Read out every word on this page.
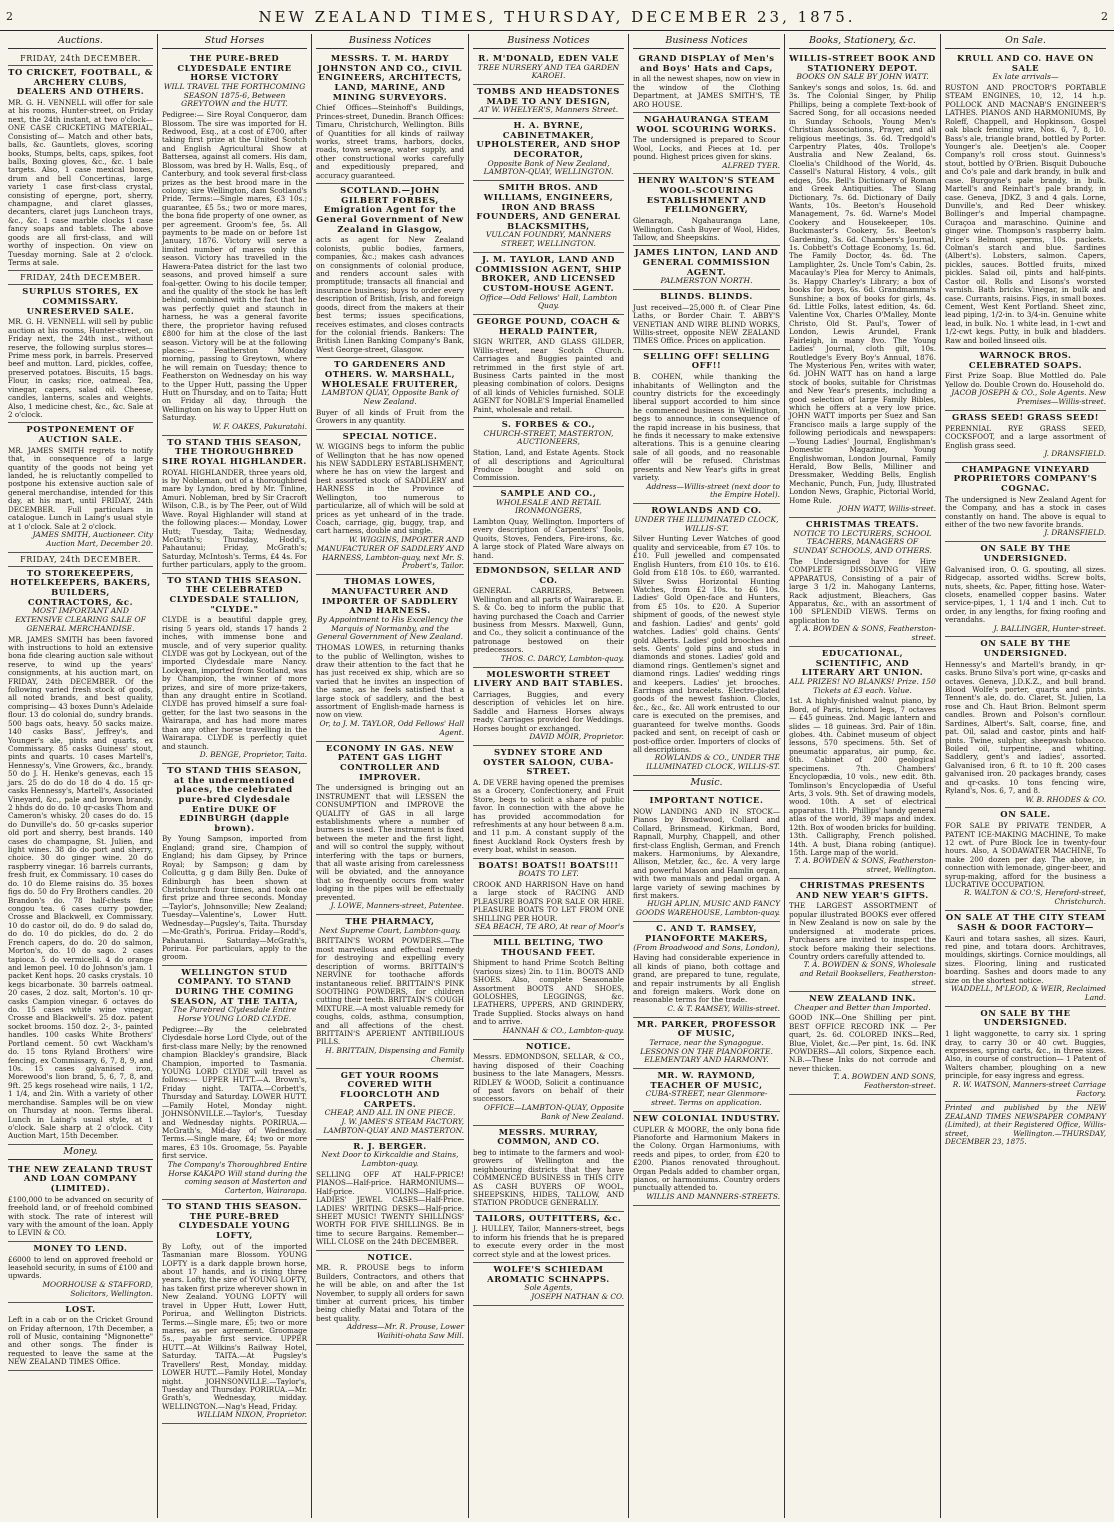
2	NEW ZEALAND TIMES, THURSDAY, DECEMBER 23, 1875.	2
Auctions.
FRIDAY, 24th DECEMBER.
TO CRICKET, FOOTBALL, & ARCHERY CLUBS, DEALERS AND OTHERS.
MR. G. H. VENNELL will offer for sale at his rooms, Hunter-street, on Friday next, the 24th instant, at two o'clock— ONE CASE CRICKETING MATERIAL, Consisting of— Match and other bats, balls, &c. Gauntlets, gloves, scoring books, Stumps, belts, caps, spikes, foot balls, Boxing gloves, &c., &c. 1 bale targets. Also, 1 case mexical boxes, drum and bell Concertinas, large variety 1 case first-class crystal, consisting of epergne, port, sherry, champagne, and claret glasses, decanters, claret jugs Luncheon trays, &c., &c. 1 case marble clocks 1 case fancy soaps and tablets. The above goods are all first-class, and will worthy of inspection. On view on Tuesday morning. Sale at 2 o'clock. Terms at sale.
FRIDAY, 24th DECEMBER.
SURPLUS STORES, EX COMMISSARY. UNRESERVED SALE.
MR. G. H. VENNELL will sell by public auction at his rooms, Hunter-street, on Friday next, the 24th inst., without reserve, the following surplus stores— Prime mess pork, in barrels. Preserved beef and mutton. Lard, pickles, coffee, preserved potatoes. Biscuits, 15 bags. Flour, in casks; rice, oatmeal. Tea, vinegar, capers, salad oil. Cheese, candles, lanterns, scales and weights. Also, 1 medicine chest, &c., &c. Sale at 2 o'clock.
POSTPONEMENT OF AUCTION SALE.
MR. JAMES SMITH regrets to notify that, in consequence of a large quantity of the goods not being yet landed, he is reluctantly compelled to postpone his extensive auction sale of general merchandise, intended for this day, at his mart, until FRIDAY, 24th DECEMBER. Full particulars in catalogue. Lunch in Laing's usual style at 1 o'clock. Sale at 2 o'clock.
JAMES SMITH, Auctioneer. City Auction Mart, December 20.
FRIDAY, 24th DECEMBER.
TO STOREKEEPERS, HOTELKEEPERS, BAKERS, BUILDERS, CONTRACTORS, &c.
MOST IMPORTANT AND EXTENSIVE CLEARING SALE OF GENERAL MERCHANDISE.
MR. JAMES SMITH has been favored with instructions to hold an extensive bona fide clearing auction sale without reserve, to wind up the years' consignments, at his auction mart, on FRIDAY, 24th DECEMBER. Of the following varied fresh stock of goods, all noted brands, and best quality, comprising— 43 boxes Dunn's Adelaide flour. 13 do colonial do, sundry brands. 500 bags oats, heavy. 50 sacks maize. 140 casks Bass', Jeffrey's, and Younger's ale, pints and quarts, ex Commissary. 85 casks Guiness' stout, pints and quarts. 10 cases Martell's, Hennessy's, Vine Growers, &c., brandy. 50 do J. H. Henke's genevas, each 15 jars. 25 do do do 18 do 4 do. 15 qr-casks Hennessy's, Martell's, Associated Vineyard, &c., pale and brown brandy. 2 hhds do do do. 10 qr-casks Thom and Cameron's whisky. 20 cases do do. 15 do Dunville's do. 50 qr-casks superior old port and sherry, best brands. 140 cases do champagne, St. Julien, and light wines. 38 do do port and sherry, choice. 30 do ginger wine. 20 do raspberry vinegar. 16 barrels currants, fresh fruit, ex Commissary. 10 cases do do. 10 do Eleme raisins do. 35 boxes figs do. 50 do Fry Brothers candles. 20 Brandon's do. 78 half-chests fine congou tea. 6 cases curry powder, Crosse and Blackwell, ex Commissary. 10 do castor oil, do do. 9 do salad do, do do. 10 do pickles, do do. 2 do French capers, do do. 20 do salmon, Morton's, do. 10 do sago. 2 cases tapioca. 5 do vermicelli. 4 do orange and lemon peel. 10 do Johnson's jam. 1 packet Kent hops. 20 casks crystals. 10 kegs bicarbonate. 30 barrels oatmeal. 20 cases, 2 doz. salt, Morton's. 10 qr-casks Campion vinegar. 6 octaves do do. 15 cases white wine vinegar, Crosse and Blackwell's. 25 doz. patent socket brooms. 150 doz. 2-, 3-, painted handles. 100 casks White Brothers' Portland cement. 50 cwt Wackham's do. 15 tons Ryland Brothers' wire fencing, ex Commissary, 6, 7, 8, 9, and 10s. 15 cases galvanised iron, Morewood's lion brand, 5, 6, 7, 8, and 9ft. 25 kegs rosehead wire nails, 1 1/2, 1 1/4, and 2in. With a variety of other merchandise. Samples will be on view on Thursday at noon. Terms liberal. Lunch in Laing's usual style, at 1 o'clock. Sale sharp at 2 o'clock. City Auction Mart, 15th December.
Money.
THE NEW ZEALAND TRUST AND LOAN COMPANY (LIMITED).
£100,000 to be advanced on security of freehold land, or of freehold combined with stock. The rate of interest will vary with the amount of the loan. Apply to LEVIN & CO.
MONEY TO LEND.
£6000 to lend on approved freehold or leasehold security, in sums of £100 and upwards.
MOORHOUSE & STAFFORD, Solicitors, Wellington.
LOST.
Left in a cab or on the Cricket Ground on Friday afternoon, 17th December, a roll of Music, containing "Mignonette" and other songs. The finder is requested to leave the same at the NEW ZEALAND TIMES Office.
Stud Horses
THE PURE-BRED CLYDESDALE ENTIRE HORSE VICTORY
WILL TRAVEL THE FORTHCOMING SEASON 1875-6, Between GREYTOWN and the HUTT.
Pedigree:— Sire Royal Conqueror, dam Blossom. The sire was imported for H. Redwood, Esq., at a cost of £700, after taking first prize at the United Scotch and English Agricultural Show at Battersea, against all comers. His dam, Blossom, was bred by H. Walls, Esq., of Canterbury, and took several first-class prizes as the best brood mare in the colony; sire Wellington, dam Scotland's Pride. Terms:—Single mares, £3 10s.; guarantee, £5 5s.; two or more mares, the bona fide property of one owner, as per agreement. Groom's fee, 5s. All payments to be made on or before 1st January, 1876. Victory will serve a limited number of mares only this season. Victory has travelled in the Hawera-Patea district for the last two seasons, and proved himself a sure foal-getter. Owing to his docile temper, and the quality of the stock he has left behind, combined with the fact that he was perfectly quiet and staunch in harness, he was a general favorite there, the proprietor having refused £800 for him at the close of the last season. Victory will be at the following places:— Featherston Monday morning, passing to Greytown, where he will remain on Tuesday; thence to Featherston on Wednesday on his way to the Upper Hutt, passing the Upper Hutt on Thursday, and on to Taita; Hutt on Friday all day, through the Wellington on his way to Upper Hutt on Saturday.
W. F. OAKES, Pakuratahi.
TO STAND THIS SEASON, THE THOROUGHBRED SIRE ROYAL HIGHLANDER.
ROYAL HIGHLANDER, three years old, is by Nobleman, out of a thoroughbred mare by Lyndon, bred by Mr. Tinline, Amuri. Nobleman, bred by Sir Cracroft Wilson, C.B., is by The Peer, out of Wild Wave. Royal Highlander will stand at the following places:— Monday, Lower Hutt; Tuesday, Taita; Wednesday, McGrath's; Thursday, Hodd's, Pahautanui; Friday, McGrath's; Saturday, McIntosh's. Terms, £4 4s. For further particulars, apply to the groom.
TO STAND THIS SEASON. THE CELEBRATED CLYDESDALE STALLION, "CLYDE."
CLYDE is a beautiful dapple grey, rising 5 years old, stands 17 hands 2 inches, with immense bone and muscle, and of very superior quality. CLYDE was got by Lockyean, out of the imported Clydesdale mare Nancy. Lockyean, imported from Scotland, was by Champion, the winner of more prizes, and sire of more prize-takers, than any draught entire in Scotland. CLYDE has proved himself a sure foal-getter, for the last two seasons in the Wairarapa, and has had more mares than any other horse travelling in the Wairarapa. CLYDE is perfectly quiet and staunch.
D. BENGE, Proprietor, Taita.
TO STAND THIS SEASON, at the undermentioned places, the celebrated pure-bred Clydesdale Entire DUKE OF EDINBURGH (dapple brown).
By Young Sampson, imported from England; grand sire, Champion of England; his dam Gipsey, by Prince Royal; by Sampson; g dam by Collcutta, g g dam Billy Ben. Duke of Edinburgh has been shown at Christchurch four times, and took one first prize and three seconds. Monday—Taylor's, Johnsonville; New Zealand; Tuesday—Valentine's, Lower Hutt. Wednesday—Pugsley's, Taita. Thursday—Mc-Grath's, Porirua. Friday—Rodd's, Pahautanui. Saturday—McGrath's, Porirua. For particulars, apply to the groom.
WELLINGTON STUD COMPANY. TO STAND DURING THE COMING SEASON, AT THE TAITA,
The Purebred Clydesdale Entire Horse YOUNG LORD CLYDE.
Pedigree:—By the celebrated Clydesdale horse Lord Clyde, out of the first-class mare Nelly; by the renowned champion Blackley's grandsire, Black Champion, imported to Tasmania. YOUNG LORD CLYDE will travel as follows:— UPPER HUTT.—A. Brown's, Friday night. TAITA.—Corbett's, Thursday and Saturday. LOWER HUTT.—Family Hotel, Monday night. JOHNSONVILLE.—Taylor's, Tuesday and Wednesday nights. PORIRUA.—McGrath's, Mid-day of Wednesday. Terms.—Single mare, £4; two or more mares, £3 10s. Groomage, 5s. Payable first service.
The Company's Thoroughbred Entire Horse KAKAPO Will stand during the coming season at Masterton and Carterton, Wairarapa.
TO STAND THIS SEASON. THE PURE-BRED CLYDESDALE YOUNG LOFTY,
By Lofty, out of the imported Tasmanian mare Blossom. YOUNG LOFTY is a dark dapple brown horse, about 17 hands, and is rising three years. Lofty, the sire of YOUNG LOFTY, has taken first prize wherever shown in New Zealand. YOUNG LOFTY will travel in Upper Hutt, Lower Hutt, Porirua, and Wellington Districts. Terms.—Single mare, £5; two or more mares, as per agreement. Groomage 5s., payable first service. UPPER HUTT.—At Wilkins's Railway Hotel, Saturday. TAITA.—At Pugsley's Travellers' Rest, Monday, midday. LOWER HUTT.—Family Hotel, Monday night. JOHNSONVILLE.—Taylor's, Tuesday and Thursday. PORIRUA.—Mr. Grath's, Wednesday, midday. WELLINGTON.—Nag's Head, Friday.
WILLIAM NIXON, Proprietor.
Business Notices
MESSRS. T. M. HARDY JOHNSTON AND CO., CIVIL ENGINEERS, ARCHITECTS, LAND, MARINE, AND MINING SURVEYORS.
Chief Offices—Steinhoff's Buildings, Princes-street, Dunedin. Branch Offices: Timaru, Christchurch, Wellington. Bills of Quantities for all kinds of railway works, street trams, harbors, docks, roads, town sewage, water supply, and other constructional works carefully and expeditiously prepared, and accuracy guaranteed.
SCOTLAND.—JOHN GILBERT FORBES, Emigration Agent for the General Government of New Zealand in Glasgow,
acts as agent for New Zealand colonists, public bodies, farmers, companies, &c.; makes cash advances on consignments of colonial produce, and renders account sales with promptitude; transacts all financial and insurance business; buys to order every description of British, Irish, and foreign goods, direct from the makers at their best terms; issues specifications, receives estimates, and closes contracts for the colonial friends. Bankers: The British Linen Banking Company's Bank, West George-street, Glasgow.
TO GARDENERS AND OTHERS. W. MARSHALL, WHOLESALE FRUITERER,
LAMBTON QUAY, Opposite Bank of New Zealand.
Buyer of all kinds of Fruit from the Growers in any quantity.
SPECIAL NOTICE.
W. WIGGINS begs to inform the public of Wellington that he has now opened his NEW SADDLERY ESTABLISHMENT, where he has on view the largest and best assorted stock of SADDLERY and HARNESS in the Province of Wellington, too numerous to particularize, all of which will be sold at prices as yet unheard of in the trade. Coach, carriage, gig, buggy, trap, and cart harness, double and single.
W. WIGGINS, IMPORTER AND MANUFACTURER OF SADDLERY AND HARNESS, Lambton-quay, next Mr. S. Probert's, Tailor.
THOMAS LOWES, MANUFACTURER AND IMPORTER OF SADDLERY AND HARNESS.
By Appointment to His Excellency the Marquis of Normanby, and the General Government of New Zealand.
THOMAS LOWES, in returning thanks to the public of Wellington, wishes to draw their attention to the fact that he has just received ex ship, which are so varied that he invites an inspection of the same, as he feels satisfied that a large stock of saddlery, and the best assortment of English-made harness is now on view.
Or, to J. M. TAYLOR, Odd Fellows' Hall Agent.
ECONOMY IN GAS. NEW PATENT GAS LIGHT CONTROLLER AND IMPROVER.
The undersigned is bringing out an INSTRUMENT that will LESSEN the CONSUMPTION and IMPROVE the QUALITY of GAS in all large establishments where a number of burners is used. The instrument is fixed between the meter and the first light, and will so control the supply, without interfering with the taps or burners, that all waste arising from carelessness will be obviated, and the annoyance that so frequently occurs from water lodging in the pipes will be effectually prevented.
J. LOWE, Manners-street, Patentee.
THE PHARMACY,
Next Supreme Court, Lambton-quay.
BRITTAIN'S WORM POWDERS.—The most marvellous and effectual remedy for destroying and expelling every description of worms. BRITTAIN'S NERVINE for toothache affords instantaneous relief. BRITTAIN'S PINK SOOTHING POWDERS, for children cutting their teeth. BRITTAIN'S COUGH MIXTURE.—A most valuable remedy for coughs, colds, asthma, consumption, and all affections of the chest. BRITTAIN'S APERIENT ANTIBILIOUS PILLS.
H. BRITTAIN, Dispensing and Family Chemist.
GET YOUR ROOMS COVERED WITH FLOORCLOTH AND CARPETS.
CHEAP, AND ALL IN ONE PIECE.
J. W. JAMES'S STEAM FACTORY, LAMBTON-QUAY AND MASTERTON.
R. J. BERGER.
Next Door to Kirkcaldie and Stains, Lambton-quay.
SELLING OFF AT HALF-PRICE! PIANOS—Half-price. HARMONIUMS—Half-price. VIOLINS—Half-price. LADIES' JEWEL CASES—Half-Price. LADIES' WRITING DESKS—Half-price. SHEET MUSIC! TWENTY SHILLINGS' WORTH FOR FIVE SHILLINGS. Be in time to secure Bargains. Remember— WILL CLOSE on the 24th DECEMBER.
NOTICE.
MR. R. PROUSE begs to inform Builders, Contractors, and others that he will be able, on and after the 1st November, to supply all orders for sawn timber at current prices, his timber being chiefly Matai and Totara of the best quality.
Address—Mr. R. Prouse, Lower Waihiti-ohata Saw Mill.
Business Notices
R. M'DONALD, EDEN VALE
TREE NURSERY AND TEA GARDEN KAROEI.
TOMBS AND HEADSTONES MADE TO ANY DESIGN,
AT W. WHELYER'S, Manners Street.
H. A. BYRNE, CABINETMAKER, UPHOLSTERER, AND SHOP DECORATOR,
Opposite Bank of New Zealand, LAMBTON-QUAY, WELLINGTON.
SMITH BROS. AND WILLIAMS, ENGINEERS, IRON AND BRASS FOUNDERS, AND GENERAL BLACKSMITHS,
VULCAN FOUNDRY, MANNERS STREET, WELLINGTON.
J. M. TAYLOR, LAND AND COMMISSION AGENT, SHIP BROKER, AND LICENSED CUSTOM-HOUSE AGENT.
Office—Odd Fellows' Hall, Lambton Quay.
GEORGE POUND, COACH & HERALD PAINTER,
SIGN WRITER, AND GLASS GILDER, Willis-street, near Scotch Church. Carriages and Buggies painted and retrimmed in the first style of art. Business Carts painted in the most pleasing combination of colors. Designs of all kinds of Vehicles furnished. SOLE AGENT for NOBLE'S Imperial Enamelled Paint, wholesale and retail.
S. FORBES & CO.,
CHURCH-STREET, MASTERTON, AUCTIONEERS,
Station, Land, and Estate Agents. Stock of all descriptions and Agricultural Produce bought and sold on Commission.
SAMPLE AND CO.,
WHOLESALE AND RETAIL IRONMONGERS,
Lambton Quay, Wellington. Importers of every description of Carpenters' Tools, Quoits, Stoves, Fenders, Fire-irons, &c. A large stock of Plated Ware always on hand.
EDMONDSON, SELLAR AND CO.
GENERAL CARRIERS, Between Wellington and all parts of Wairarapa. E. S. & Co. beg to inform the public that having purchased the Coach and Carrier business from Messrs. Maxwell, Gunn, and Co., they solicit a continuance of the patronage bestowed on their predecessors.
THOS. C. DARCY, Lambton-quay.
MOLESWORTH STREET LIVERY AND BAIT STABLES.
Carriages, Buggies, and every description of vehicles let on hire. Saddle and Harness Horses always ready. Carriages provided for Weddings. Horses bought or exchanged.
DAVID MOIR, Proprietor.
SYDNEY STORE AND OYSTER SALOON, CUBA-STREET.
A. DE VERE having opened the premises as a Grocery, Confectionery, and Fruit Store, begs to solicit a share of public favor. In connection with the above he has provided accommodation for refreshments at any hour between 8 a.m. and 11 p.m. A constant supply of the finest Auckland Rock Oysters fresh by every boat, whilst in season.
BOATS! BOATS!! BOATS!!!
BOATS TO LET.
CROOK AND HARRISON Have on hand a large stock of RACING AND PLEASURE BOATS FOR SALE OR HIRE. PLEASURE BOATS TO LET FROM ONE SHILLING PER HOUR.
SEA BEACH, TE ARO, At rear of Moor's
MILL BELTING, TWO THOUSAND FEET.
Shipment to hand Prime Scotch Belting (various sizes) 2in. to 11in. BOOTS AND SHOES. Also, complete Seasonable Assortment BOOTS AND SHOES, GOLOSHES, LEGGINGS, &c. LEATHERS, UPPERS, AND GRINDERY, Trade Supplied. Stocks always on hand and to arrive.
HANNAH & CO., Lambton-quay.
NOTICE.
Messrs. EDMONDSON, SELLAR, & CO., having disposed of their Coaching business to the late Managers, Messrs. RIDLEY & WOOD, Solicit a continuance of past favors on behalf of their successors.
OFFICE—LAMBTON-QUAY, Opposite Bank of New Zealand.
MESSRS. MURRAY, COMMON, AND CO.
beg to intimate to the farmers and wool-growers of Wellington and the neighbouring districts that they have COMMENCED BUSINESS in THIS CITY AS CASH BUYERS OF WOOL, SHEEPSKINS, HIDES, TALLOW, AND STATION PRODUCE GENERALLY.
TAILORS, OUTFITTERS, &c.
J. HULLEY, Tailor, Manners-street, begs to inform his friends that he is prepared to execute every order in the most correct style and at the lowest prices.
WOLFE'S SCHIEDAM AROMATIC SCHNAPPS.
Sole Agents,
JOSEPH NATHAN & CO.
Business Notices
GRAND DISPLAY of Men's and Boys' Hats and Caps,
in all the newest shapes, now on view in the window of the Clothing Department, at JAMES SMITH'S, TE ARO HOUSE.
NGAHAURANGA STEAM WOOL SCOURING WORKS.
The undersigned is prepared to Scour Wool, Locks, and Pieces at 1d. per pound. Highest prices given for skins.
ALFRED TYER.
HENRY WALTON'S STEAM WOOL-SCOURING ESTABLISHMENT AND FELLMONGERY,
Glenaragh, Ngahauranga Lane, Wellington. Cash Buyer of Wool, Hides, Tallow, and Sheepskins.
JAMES LINTON, LAND AND GENERAL COMMISSION AGENT.
PALMERSTON NORTH.
BLINDS. BLINDS.
Just received—25,000 ft. of Clear Pine Laths, or Border Chair. T. ABBY'S VENETIAN AND WIRE BLIND WORKS, Willis-street, opposite NEW ZEALAND TIMES Office. Prices on application.
SELLING OFF! SELLING OFF!!
B. COHEN, while thanking the inhabitants of Wellington and the country districts for the exceedingly liberal support accorded to him since he commenced business in Wellington, begs to announce, in consequence of the rapid increase in his business, that he finds it necessary to make extensive alterations. This is a genuine clearing sale of all goods, and no reasonable offer will be refused. Christmas presents and New Year's gifts in great variety.
Address—Willis-street (next door to the Empire Hotel).
ROWLANDS AND CO.
UNDER THE ILLUMINATED CLOCK, WILLIS-ST.
Silver Hunting Lever Watches of good quality and serviceable, from £7 10s. to £10. Full jewelled and compensated English Hunters, from £10 10s. to £16. Gold from £18 10s. to £60, warranted. Silver Swiss Horizontal Hunting Watches, from £2 10s. to £6 10s. Ladies' Gold Open-face and Hunters, from £5 10s. to £20. A Superior shipment of goods, of the newest style and fashion. Ladies' and gents' gold watches. Ladies' gold chains. Gents' gold Alberts. Ladies' gold brooches and sets. Gents' gold pins and studs in diamonds and stones. Ladies' gold and diamond rings. Gentlemen's signet and diamond rings. Ladies' wedding rings and keepers. Ladies' jet brooches. Earrings and bracelets. Electro-plated goods of the newest fashion. Clocks, &c., &c., &c. All work entrusted to our care is executed on the premises, and guaranteed for twelve months. Goods packed and sent, on receipt of cash or post-office order. Importers of clocks of all descriptions.
ROWLANDS & CO., UNDER THE ILLUMINATED CLOCK, WILLIS-ST.
Music.
IMPORTANT NOTICE.
NOW LANDING AND IN STOCK— Pianos by Broadwood, Collard and Collard, Brinsmead, Kirkman, Bord, Rapnall, Murphy, Chappell, and other first-class English, German, and French makers. Harmoniums, by Alexandre, Allison, Metzler, &c., &c. A very large and powerful Mason and Hamlin organ, with two manuals and pedal organ. A large variety of sewing machines by first makers.
HUGH APLIN, MUSIC AND FANCY GOODS WAREHOUSE, Lambton-quay.
C. AND T. RAMSEY, PIANOFORTE MAKERS,
(From Broadwood and Sons, London),
Having had considerable experience in all kinds of piano, both cottage and grand, are prepared to tune, regulate, and repair instruments by all English and foreign makers. Work done on reasonable terms for the trade.
C. & T. RAMSEY, Willis-street.
MR. PARKER, PROFESSOR OF MUSIC,
Terrace, near the Synagogue. LESSONS ON THE PIANOFORTE. ELEMENTARY AND HARMONY.
MR. W. RAYMOND, TEACHER OF MUSIC,
CUBA-STREET, near Glenmore-street. Terms on application.
NEW COLONIAL INDUSTRY.
CUPLER & MOORE, the only bona fide Pianoforte and Harmonium Makers in the Colony. Organ Harmoniums, with reeds and pipes, to order, from £20 to £200. Pianos renovated throughout. Organ Pedals added to chamber organ, pianos, or harmoniums. Country orders punctually attended to.
WILLIS AND MANNERS-STREETS.
Books, Stationery, &c.
WILLIS-STREET BOOK AND STATIONERY DEPOT.
BOOKS ON SALE BY JOHN WATT.
Sankey's songs and solos, 1s. 6d. and 3s. The Colonial Singer, by Philip Phillips, being a complete Text-book of Sacred Song, for all occasions needed in Sunday Schools, Young Men's Christian Associations, Prayer, and all religious meetings, 3s. 6d. Tredgold's Carpentry Plates, 40s. Trollope's Australia and New Zealand, 6s. Cloelia's Childhood of the World, 4s. Cassell's Natural History, 4 vols., gilt edges, 50s. Bell's Dictionary of Roman and Greek Antiquities. The Slang Dictionary, 7s. 6d. Dictionary of Daily Wants, 10s. Beeton's Household Management, 7s. 6d. Warne's Model Cookery and Housekeeper, 10s. Buckmaster's Cookery, 5s. Beeton's Gardening, 3s. 6d. Chambers's Journal, 1s. Cobbett's Cottage Economy, 1s. 6d. The Family Doctor, 4s. 6d. The Lamplighter, 2s. Uncle Tom's Cabin, 2s. Macaulay's Plea for Mercy to Animals, 3s. Happy Charley's Library; a box of books for boys, 6s. 6d. Grandmamma's Sunshine; a box of books for girls, 4s. 6d. Little Folks, latest edition, 4s. 6d. Valentine Vox, Charles O'Malley, Monte Christo, Old St. Paul's, Tower of London, Lewis Arundel, Frank Fairleigh, in many 8vo. The Young Ladies' Journal, cloth gilt, 10s. Routledge's Every Boy's Annual, 1876. The Mysterious Pen, writes with water, 6d. JOHN WATT has on hand a large stock of books, suitable for Christmas and New Year's presents, including a good selection of large Family Bibles, which he offers at a very low price. JOHN WATT imports per Suez and San Francisco mails a large supply of the following periodicals and newspapers:—Young Ladies' Journal, Englishman's Domestic Magazine, Young Englishwoman, London Journal, Family Herald, Bow Bells, Milliner and Dressmaker, Wedding Bells, English Mechanic, Punch, Fun, Judy, Illustrated London News, Graphic, Pictorial World, Home Rule.
JOHN WATT, Willis-street.
CHRISTMAS TREATS.
NOTICE TO LECTURERS, SCHOOL TEACHERS, MANAGERS OF SUNDAY SCHOOLS, AND OTHERS.
The Undersigned have for Hire COMPLETE DISSOLVING VIEW APPARATUS, Consisting of a pair of large 3 1/2 in. Mahogany Lanterns, Rack adjustment, Bleachers, Gas Apparatus, &c., with an assortment of 100 SPLENDID VIEWS. Terms on application to
T. A. BOWDEN & SONS, Featherston-street.
EDUCATIONAL, SCIENTIFIC, AND LITERARY ART UNION.
ALL PRIZES! NO BLANKS! Prize. 150 Tickets at £3 each. Value.
1st. A highly-finished walnut piano, by Bord, of Paris, trichord legs, 7 octaves — £45 guineas. 2nd. Magic lantern and slides — 18 guineas. 3rd. Pair of 18in. globes. 4th. Cabinet museum of object lessons, 570 specimens. 5th. Set of pneumatic apparatus, air pump, &c. 6th. Cabinet of 200 geological specimens. 7th. Chambers' Encyclopædia, 10 vols., new edit. 8th. Tomlinson's Encyclopædia of Useful Arts, 3 vols. 9th. Set of drawing models, wood. 10th. A set of electrical apparatus. 11th. Phillips' handy general atlas of the world, 39 maps and index. 12th. Box of wooden bricks for building. 13th. Calligraphy, French polished. 14th. A bust, Diana robing (antique). 15th. Large map of the world.
T. A. BOWDEN & SONS, Featherston-street, Wellington.
CHRISTMAS PRESENTS AND NEW YEAR'S GIFTS.
THE LARGEST ASSORTMENT of popular illustrated BOOKS ever offered in New Zealand is now on sale by the undersigned at moderate prices. Purchasers are invited to inspect the stock before making their selections. Country orders carefully attended to.
T. A. BOWDEN & SONS, Wholesale and Retail Booksellers, Featherston-street.
NEW ZEALAND INK.
Cheaper and Better than Imported.
GOOD INK—One Shilling per pint. BEST OFFICE RECORD INK — Per quart, 2s. 6d. COLORED INKS—Red, Blue, Violet, &c.—Per pint, 1s. 6d. INK POWDERS—All colors, Sixpence each. N.B.—These Inks do not corrode and never thicken.
T. A. BOWDEN AND SONS, Featherston-street.
On Sale.
KRULL AND CO. HAVE ON SALE
Ex late arrivals—
RUSTON AND PROCTOR'S PORTABLE STEAM ENGINES, 10, 12, 14 h.p. POLLOCK AND MACNAB'S ENGINEER'S LATHES. PIANOS AND HARMONIUMS, By Roleff, Chappell, and Hopkinson. Gospel oak black fencing wire, Nos. 6, 7, 8, 10. Bass's ale, triangle brand, bottled by Porter. Younger's ale. Deetjen's ale. Cooper Company's roll cross stout. Guinness's stout, bottled by O'Brien. Bisquit Dubouche and Co's pale and dark brandy, in bulk and case. Burgoyne's pale brandy, in bulk. Martell's and Reinhart's pale brandy, in case. Geneva, JDKZ, 3 and 4 gals. Lorne, Dunville's, and Red Deer whiskey. Bollinger's and Imperial champagne. Curaçoa and maraschino. Quinine and ginger wine. Thompson's raspberry balm. Price's Belmont sperms, 10s. packets. Colman's starch and blue. Sardines (Albert's). Lobsters, salmon. Capers, pickles, sauces. Bottled fruits, mixed pickles. Salad oil, pints and half-pints. Castor oil. Rolls and Lisons's worsted varnish. Bath bricks. Vinegar, in bulk and case. Currants, raisins. Figs, in small boxes. Cement, West Kent Portland. Sheet zinc, lead piping, 1/2-in. to 3/4-in. Genuine white lead, in bulk. No. 1 white lead, in 1-cwt and 1/2-cwt kegs. Putty, in bulk and bladders. Raw and boiled linseed oils.
WARNOCK BROS. CELEBRATED SOAPS.
First Prize Soap. Blue Mottled do. Pale Yellow do. Double Crown do. Household do.
JACOB JOSEPH & CO., Sole Agents. New Premises—Willis-street.
GRASS SEED! GRASS SEED!
PERENNIAL RYE GRASS SEED, COCKSFOOT, and a large assortment of English grass seed.
J. DRANSFIELD.
CHAMPAGNE VINEYARD PROPRIETORS COMPANY'S COGNAC.
The undersigned is New Zealand Agent for the Company, and has a stock in cases constantly on hand. The above is equal to either of the two new favorite brands.
J. DRANSFIELD.
ON SALE BY THE UNDERSIGNED.
Galvanised iron, O. G. spouting, all sizes. Ridgecap, assorted widths. Screw bolts, nuts, sheets, &c. Paper, fitting hose. Water-closets, enamelled copper basins. Water service-pipes, 1, 1 1/4 and 1 inch. Cut to order, in any lengths, for fixing roofing and verandahs.
J. BALLINGER, Hunter-street.
ON SALE BY THE UNDERSIGNED.
Hennessy's and Martell's brandy, in qr-casks. Bruno Silva's port wine, qr-casks and octaves. Geneva, J.D.K.Z., and bull brand. Blood Wolfe's porter, quarts and pints. Tennent's ale, do. do. Claret, St. Julien, La rose and Ch. Haut Brion. Belmont sperm candles. Brown and Polson's cornflour. Sardines, Albert's. Salt, coarse, fine, and pat. Oil, salad and castor, pints and half-pints. Twine, sulphur, sheepwash tobacco. Boiled oil, turpentine, and whiting. Saddlery, gent's and ladies', assorted. Galvanised iron, 6 ft. to 10 ft. 200 cases galvanised iron. 20 packages brandy, cases and qr-casks. 10 tons fencing wire, Ryland's, Nos. 6, 7, and 8.
W. B. RHODES & CO.
ON SALE.
FOR SALE BY PRIVATE TENDER, A PATENT ICE-MAKING MACHINE, To make 12 cwt. of Pure Block Ice in twenty-four hours. Also, A SODAWATER MACHINE, To make 200 dozen per day. The above, in connection with lemonade, ginger-beer, and syrup-making, afford for the business a LUCRATIVE OCCUPATION.
R. WALTON & CO.'S, Hereford-street, Christchurch.
ON SALE AT THE CITY STEAM SASH & DOOR FACTORY—
Kauri and totara sashes, all sizes. Kauri, red pine, and totara doors. Architraves, mouldings, skirtings. Cornice mouldings, all sizes. Flooring, lining and rusticated boarding. Sashes and doors made to any size on the shortest notice.
WADDELL, M'LEOD, & WEIR, Reclaimed Land.
ON SALE BY THE UNDERSIGNED.
1 light waggonette, to carry six. 1 spring dray, to carry 30 or 40 cwt. Buggies, expresses, spring carts, &c., in three sizes. Also, in course of construction— 1 Patent of Walters chamber, ploughing on a new principle, for easy ingress and egress.
R. W. WATSON, Manners-street Carriage Factory.
Printed and published by the NEW ZEALAND TIMES NEWSPAPER COMPANY (Limited), at their Registered Office, Willis-street, Wellington.—THURSDAY, DECEMBER 23, 1875.
